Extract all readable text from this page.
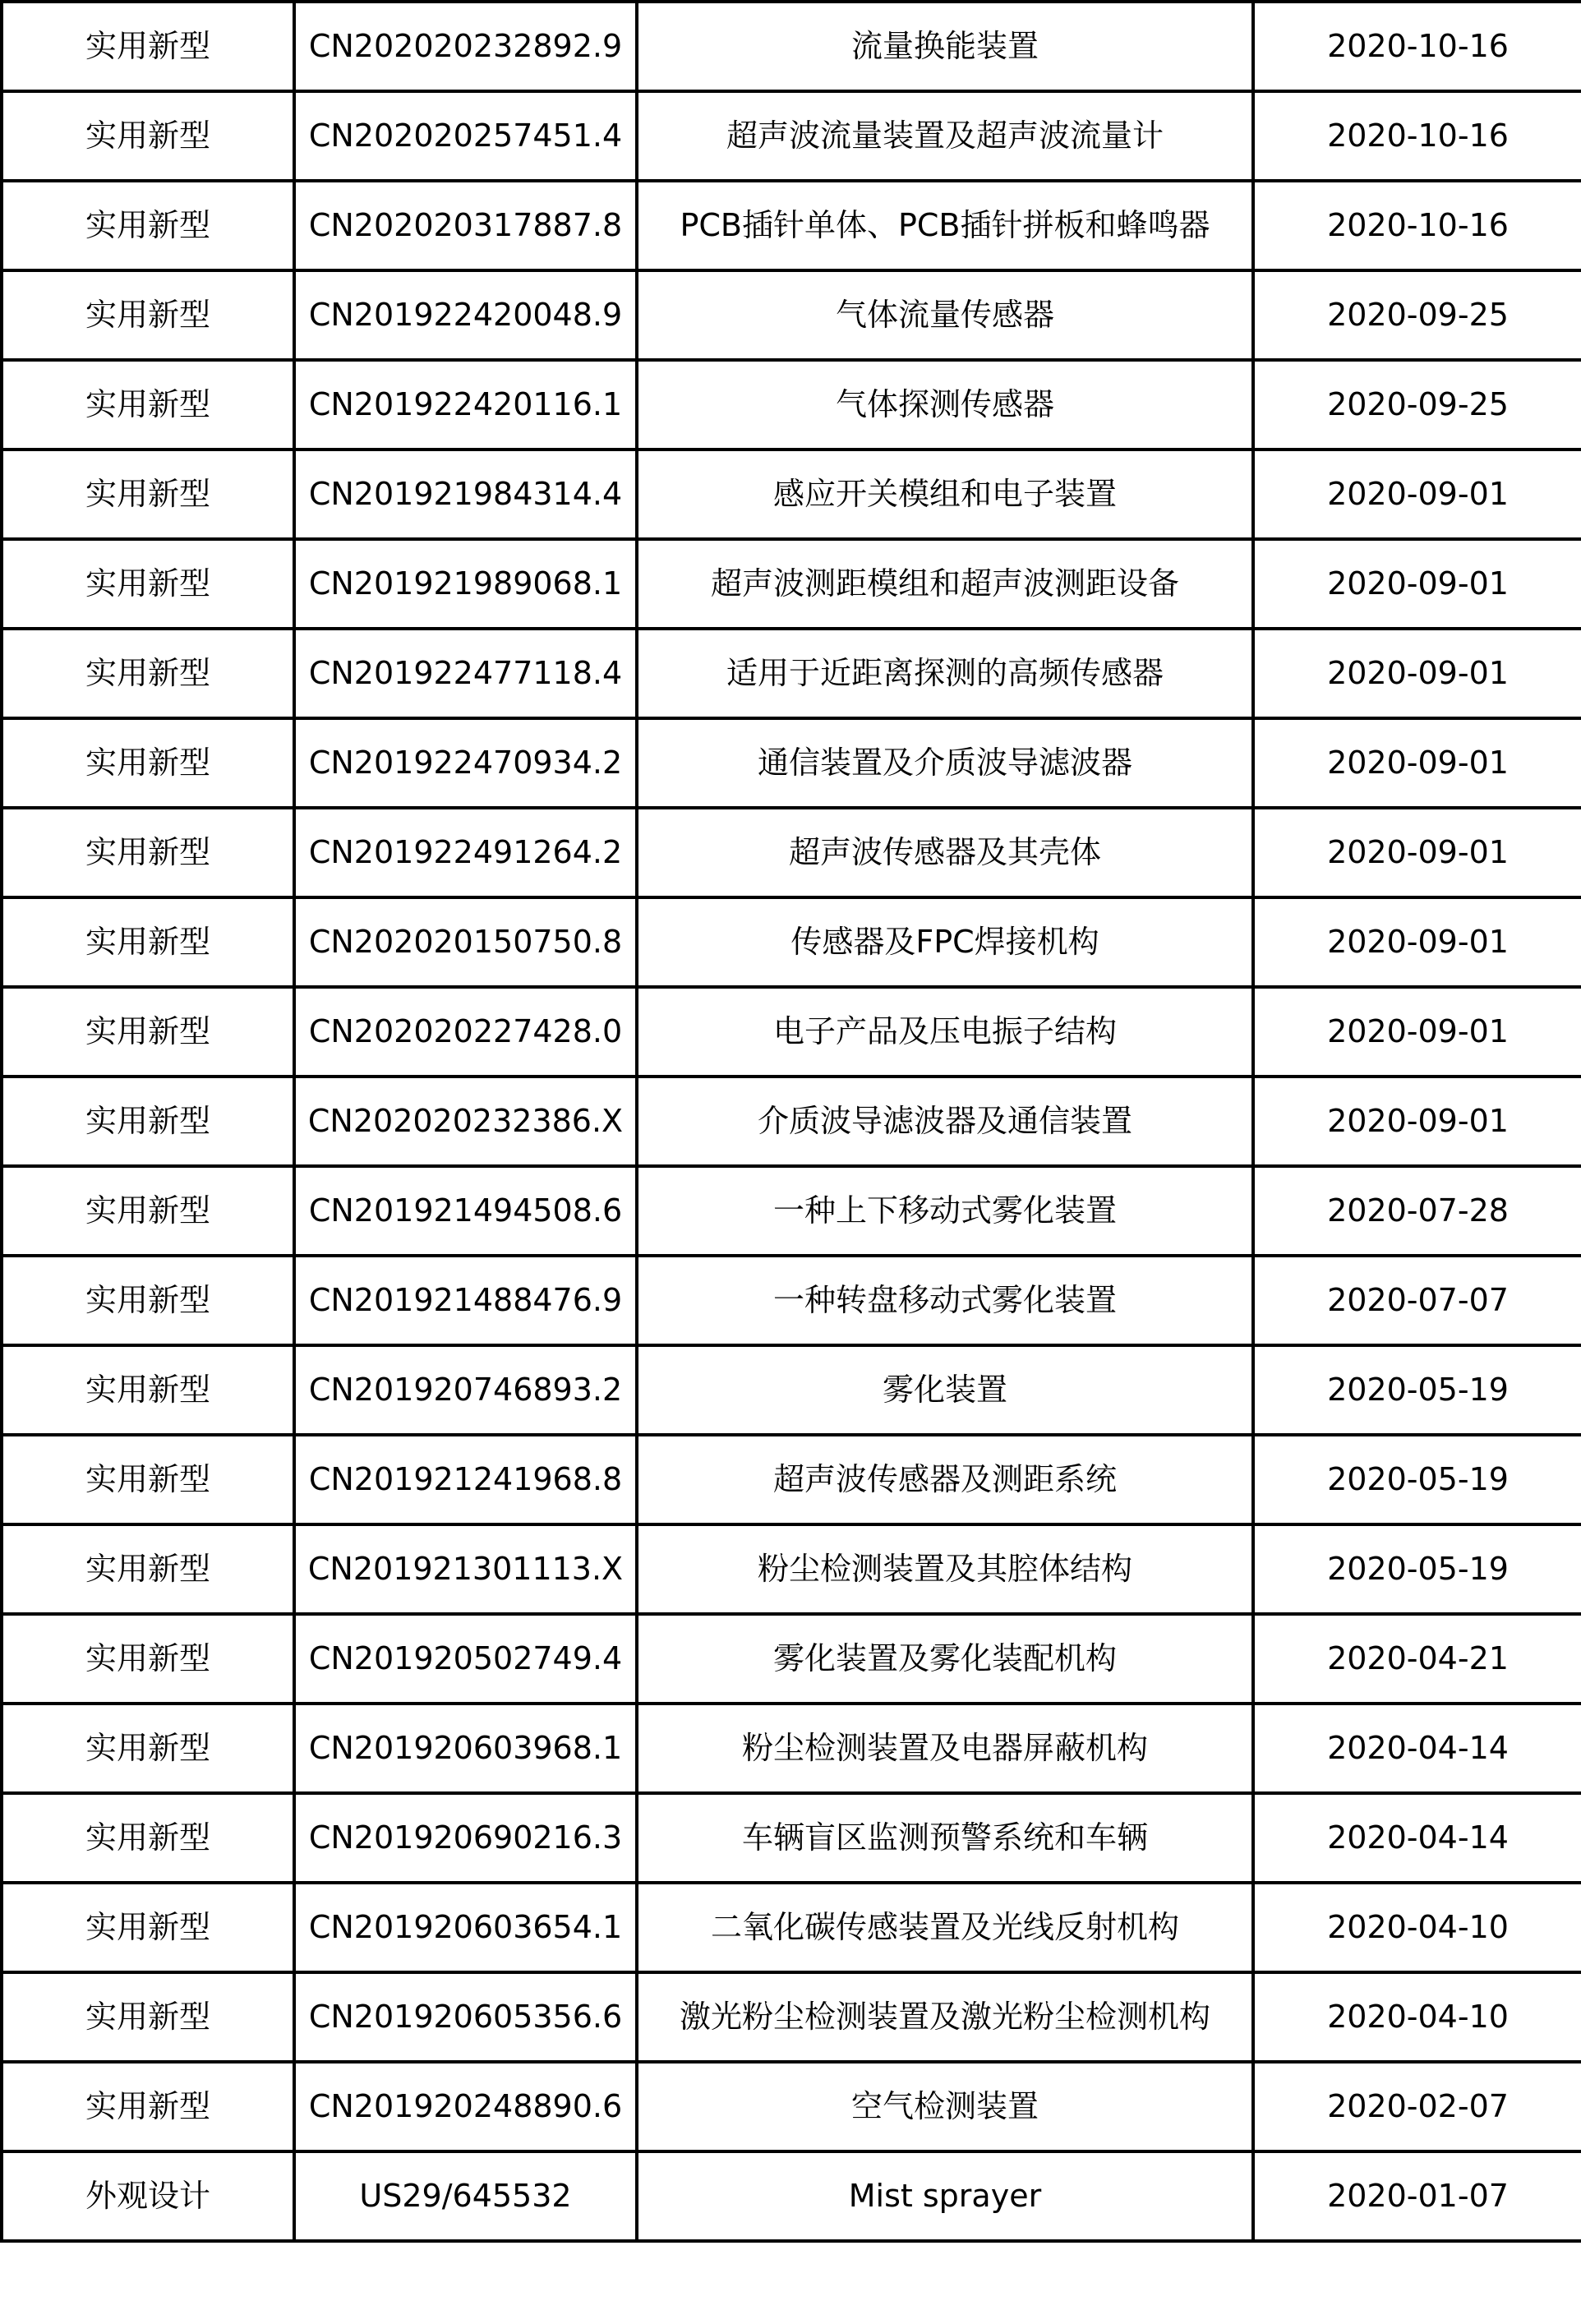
实用新型	CN202020232892.9	流量换能装置	2020-10-16
实用新型	CN202020257451.4	超声波流量装置及超声波流量计	2020-10-16
实用新型	CN202020317887.8	PCB插针单体、PCB插针拼板和蜂鸣器	2020-10-16
实用新型	CN201922420048.9	气体流量传感器	2020-09-25
实用新型	CN201922420116.1	气体探测传感器	2020-09-25
实用新型	CN201921984314.4	感应开关模组和电子装置	2020-09-01
实用新型	CN201921989068.1	超声波测距模组和超声波测距设备	2020-09-01
实用新型	CN201922477118.4	适用于近距离探测的高频传感器	2020-09-01
实用新型	CN201922470934.2	通信装置及介质波导滤波器	2020-09-01
实用新型	CN201922491264.2	超声波传感器及其壳体	2020-09-01
实用新型	CN202020150750.8	传感器及FPC焊接机构	2020-09-01
实用新型	CN202020227428.0	电子产品及压电振子结构	2020-09-01
实用新型	CN202020232386.X	介质波导滤波器及通信装置	2020-09-01
实用新型	CN201921494508.6	一种上下移动式雾化装置	2020-07-28
实用新型	CN201921488476.9	一种转盘移动式雾化装置	2020-07-07
实用新型	CN201920746893.2	雾化装置	2020-05-19
实用新型	CN201921241968.8	超声波传感器及测距系统	2020-05-19
实用新型	CN201921301113.X	粉尘检测装置及其腔体结构	2020-05-19
实用新型	CN201920502749.4	雾化装置及雾化装配机构	2020-04-21
实用新型	CN201920603968.1	粉尘检测装置及电器屏蔽机构	2020-04-14
实用新型	CN201920690216.3	车辆盲区监测预警系统和车辆	2020-04-14
实用新型	CN201920603654.1	二氧化碳传感装置及光线反射机构	2020-04-10
实用新型	CN201920605356.6	激光粉尘检测装置及激光粉尘检测机构	2020-04-10
实用新型	CN201920248890.6	空气检测装置	2020-02-07
外观设计	US29/645532	Mist sprayer	2020-01-07
